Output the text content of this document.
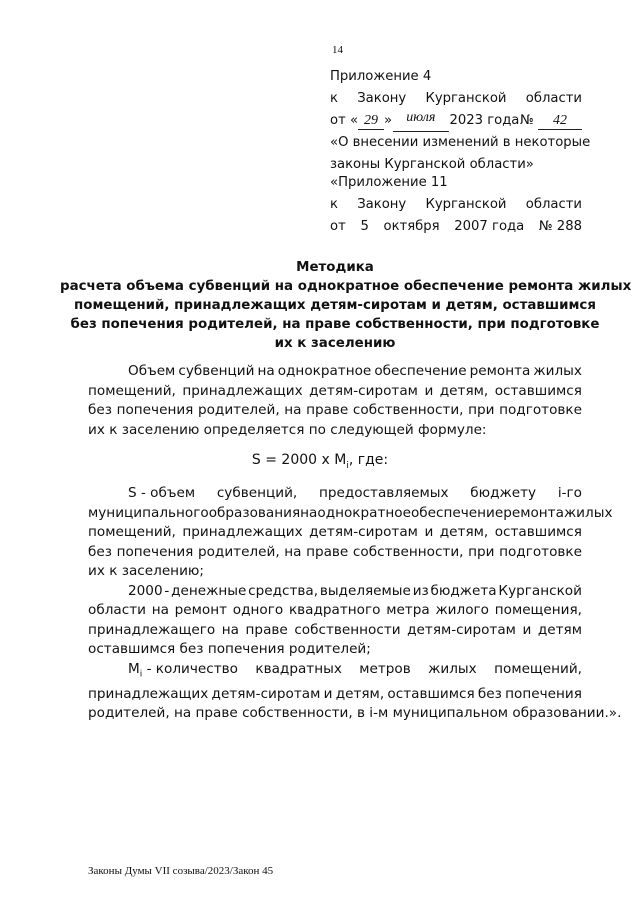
14
Приложение 4
к Закону Курганской области
от « 29 »	июля	2023 года № 42
«О внесении изменений в некоторые
законы Курганской области»
«Приложение 11
к Закону Курганской области
от 5 октября 2007 года № 288
Методика
расчета объема субвенций на однократное обеспечение ремонта жилых
помещений, принадлежащих детям-сиротам и детям, оставшимся
без попечения родителей, на праве собственности, при подготовке
их к заселению
Объем субвенций на однократное обеспечение ремонта жилых
помещений, принадлежащих детям-сиротам и детям, оставшимся
без попечения родителей, на праве собственности, при подготовке
их к заселению определяется по следующей формуле:
S = 2000 x $M_i$, где:
S - объем субвенций, предоставляемых бюджету i-го
муниципального образования на однократное обеспечение ремонта жилых
помещений, принадлежащих детям-сиротам и детям, оставшимся
без попечения родителей, на праве собственности, при подготовке
их к заселению;
2000 - денежные средства, выделяемые из бюджета Курганской
области на ремонт одного квадратного метра жилого помещения,
принадлежащего на праве собственности детям-сиротам и детям
оставшимся без попечения родителей;
$M_i$ - количество квадратных метров жилых помещений,
принадлежащих детям-сиротам и детям, оставшимся без попечения
родителей, на праве собственности, в i-м муниципальном образовании.».
Законы Думы VII созыва/2023/Закон 45
